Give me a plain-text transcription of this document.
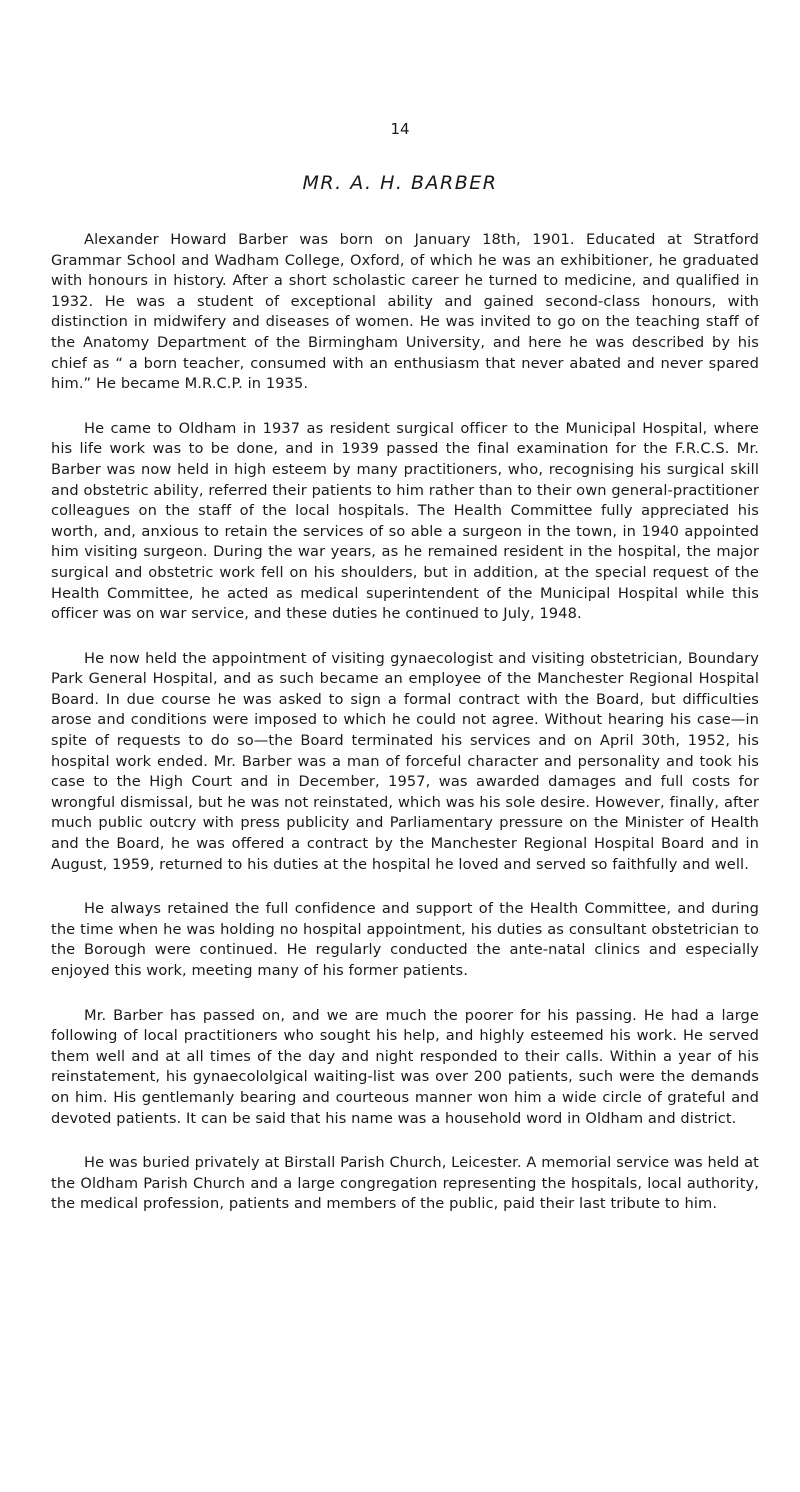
14
MR. A. H. BARBER

Alexander Howard Barber was born on January 18th, 1901. Educated at Stratford Grammar School and Wadham College, Oxford, of which he was an exhibitioner, he graduated with honours in history. After a short scholastic career he turned to medicine, and qualified in 1932. He was a student of exceptional ability and gained second-class honours, with distinction in midwifery and diseases of women. He was invited to go on the teaching staff of the Anatomy Department of the Birmingham University, and here he was described by his chief as “ a born teacher, consumed with an enthusiasm that never abated and never spared him.” He became M.R.C.P. in 1935.

He came to Oldham in 1937 as resident surgical officer to the Municipal Hospital, where his life work was to be done, and in 1939 passed the final examination for the F.R.C.S. Mr. Barber was now held in high esteem by many practitioners, who, recognising his surgical skill and obstetric ability, referred their patients to him rather than to their own general-practitioner colleagues on the staff of the local hospitals. The Health Committee fully appreciated his worth, and, anxious to retain the services of so able a surgeon in the town, in 1940 appointed him visiting surgeon. During the war years, as he remained resident in the hospital, the major surgical and obstetric work fell on his shoulders, but in addition, at the special request of the Health Committee, he acted as medical superintendent of the Municipal Hospital while this officer was on war service, and these duties he continued to July, 1948.

He now held the appointment of visiting gynaecologist and visiting obstetrician, Boundary Park General Hospital, and as such became an employee of the Manchester Regional Hospital Board. In due course he was asked to sign a formal contract with the Board, but difficulties arose and conditions were imposed to which he could not agree. Without hearing his case—in spite of requests to do so—the Board terminated his services and on April 30th, 1952, his hospital work ended. Mr. Barber was a man of forceful character and personality and took his case to the High Court and in December, 1957, was awarded damages and full costs for wrongful dismissal, but he was not reinstated, which was his sole desire. However, finally, after much public outcry with press publicity and Parliamentary pressure on the Minister of Health and the Board, he was offered a contract by the Manchester Regional Hospital Board and in August, 1959, returned to his duties at the hospital he loved and served so faithfully and well.

He always retained the full confidence and support of the Health Committee, and during the time when he was holding no hospital appointment, his duties as consultant obstetrician to the Borough were continued. He regularly conducted the ante-natal clinics and especially enjoyed this work, meeting many of his former patients.

Mr. Barber has passed on, and we are much the poorer for his passing. He had a large following of local practitioners who sought his help, and highly esteemed his work. He served them well and at all times of the day and night responded to their calls. Within a year of his reinstatement, his gynaecololgical waiting-list was over 200 patients, such were the demands on him. His gentlemanly bearing and courteous manner won him a wide circle of grateful and devoted patients. It can be said that his name was a household word in Oldham and district.

He was buried privately at Birstall Parish Church, Leicester. A memorial service was held at the Oldham Parish Church and a large congregation representing the hospitals, local authority, the medical profession, patients and members of the public, paid their last tribute to him.
